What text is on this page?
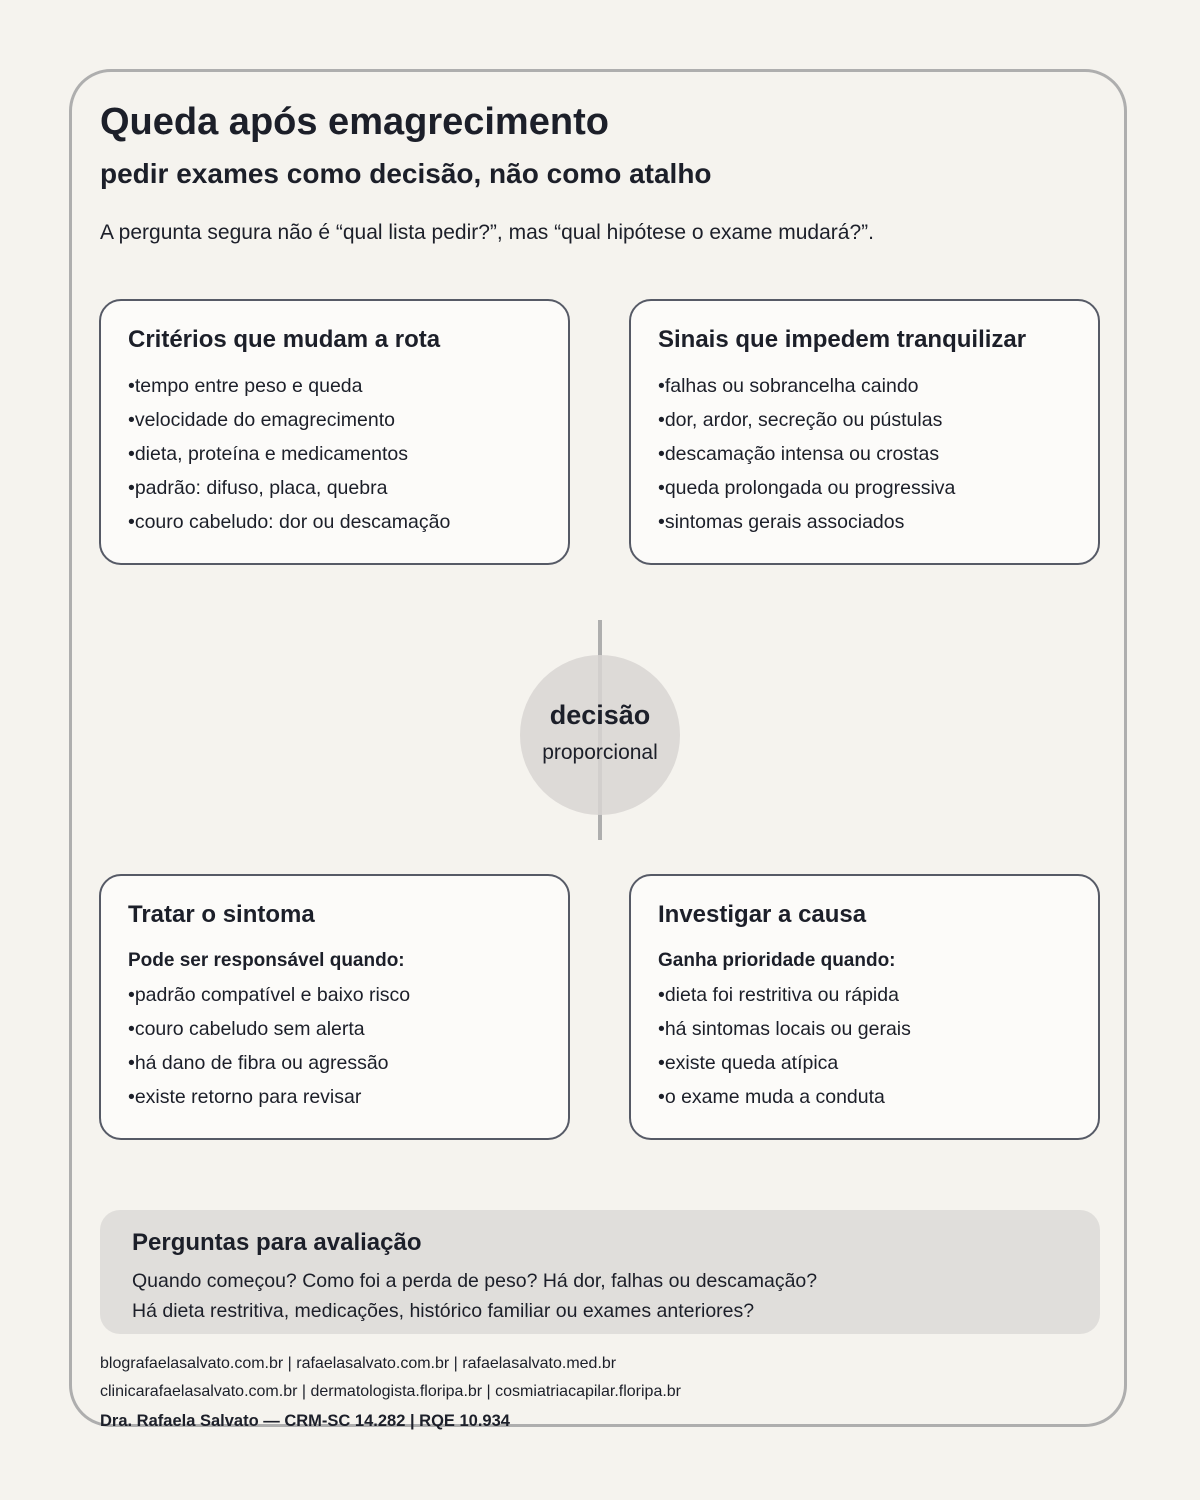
Queda após emagrecimento
pedir exames como decisão, não como atalho

A pergunta segura não é “qual lista pedir?”, mas “qual hipótese o exame mudará?”.

Critérios que mudam a rota
• tempo entre peso e queda
• velocidade do emagrecimento
• dieta, proteína e medicamentos
• padrão: difuso, placa, quebra
• couro cabeludo: dor ou descamação
Sinais que impedem tranquilizar
• falhas ou sobrancelha caindo
• dor, ardor, secreção ou pústulas
• descamação intensa ou crostas
• queda prolongada ou progressiva
• sintomas gerais associados

decisão

proporcional

Tratar o sintoma

Pode ser responsável quando:

• padrão compatível e baixo risco
• couro cabeludo sem alerta
• há dano de fibra ou agressão
• existe retorno para revisar
Investigar a causa

Ganha prioridade quando:

• dieta foi restritiva ou rápida
• há sintomas locais ou gerais
• existe queda atípica
• o exame muda a conduta
Perguntas para avaliação

Quando começou? Como foi a perda de peso? Há dor, falhas ou descamação?

Há dieta restritiva, medicações, histórico familiar ou exames anteriores?

blografaelasalvato.com.br | rafaelasalvato.com.br | rafaelasalvato.med.br

clinicarafaelasalvato.com.br | dermatologista.floripa.br | cosmiatriacapilar.floripa.br

Dra. Rafaela Salvato — CRM-SC 14.282 | RQE 10.934
